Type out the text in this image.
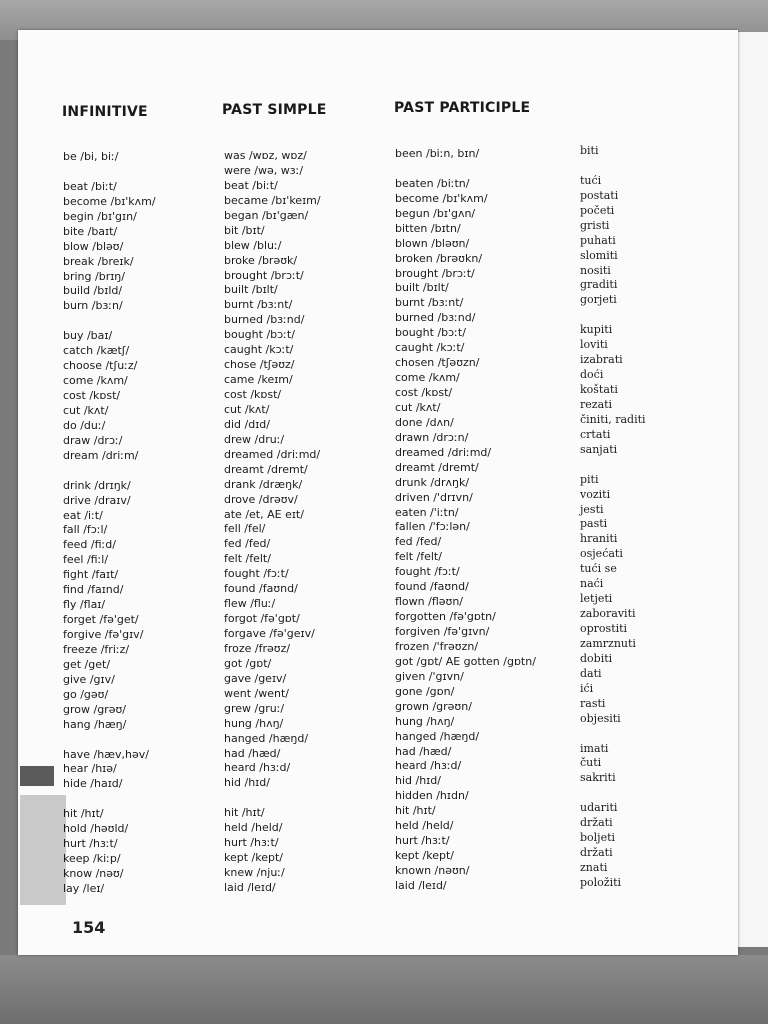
INFINITIVE	PAST SIMPLE	PAST PARTICIPLE
be /bi, biː/
beat /biːt/
become /bɪ'kʌm/
begin /bɪ'gɪn/
bite /baɪt/
blow /bləʊ/
break /breɪk/
bring /brɪŋ/
build /bɪld/
burn /bɜːn/
buy /baɪ/
catch /kætʃ/
choose /tʃuːz/
come /kʌm/
cost /kɒst/
cut /kʌt/
do /duː/
draw /drɔː/
dream /driːm/
drink /drɪŋk/
drive /draɪv/
eat /iːt/
fall /fɔːl/
feed /fiːd/
feel /fiːl/
fight /faɪt/
find /faɪnd/
fly /flaɪ/
forget /fə'get/
forgive /fə'gɪv/
freeze /friːz/
get /get/
give /gɪv/
go /gəʊ/
grow /grəʊ/
hang /hæŋ/
have /hæv,həv/
hear /hɪə/
hide /haɪd/
hit /hɪt/
hold /həʊld/
hurt /hɜːt/
keep /kiːp/
know /nəʊ/
lay /leɪ/
was /wɒz, wɒz/
were /wə, wɜː/
beat /biːt/
became /bɪ'keɪm/
began /bɪ'gæn/
bit /bɪt/
blew /bluː/
broke /brəʊk/
brought /brɔːt/
built /bɪlt/
burnt /bɜːnt/
burned /bɜːnd/
bought /bɔːt/
caught /kɔːt/
chose /tʃəʊz/
came /keɪm/
cost /kɒst/
cut /kʌt/
did /dɪd/
drew /druː/
dreamed /driːmd/
dreamt /dremt/
drank /dræŋk/
drove /drəʊv/
ate /et, AE eɪt/
fell /fel/
fed /fed/
felt /felt/
fought /fɔːt/
found /faʊnd/
flew /fluː/
forgot /fə'gɒt/
forgave /fə'geɪv/
froze /frəʊz/
got /gɒt/
gave /geɪv/
went /went/
grew /gruː/
hung /hʌŋ/
hanged /hæŋd/
had /hæd/
heard /hɜːd/
hid /hɪd/
hit /hɪt/
held /held/
hurt /hɜːt/
kept /kept/
knew /njuː/
laid /leɪd/
been /biːn, bɪn/
beaten /biːtn/
become /bɪ'kʌm/
begun /bɪ'gʌn/
bitten /bɪtn/
blown /bləʊn/
broken /brəʊkn/
brought /brɔːt/
built /bɪlt/
burnt /bɜːnt/
burned /bɜːnd/
bought /bɔːt/
caught /kɔːt/
chosen /tʃəʊzn/
come /kʌm/
cost /kɒst/
cut /kʌt/
done /dʌn/
drawn /drɔːn/
dreamed /driːmd/
dreamt /dremt/
drunk /drʌŋk/
driven /'drɪvn/
eaten /'iːtn/
fallen /'fɔːlən/
fed /fed/
felt /felt/
fought /fɔːt/
found /faʊnd/
flown /fləʊn/
forgotten /fə'gɒtn/
forgiven /fə'gɪvn/
frozen /'frəʊzn/
got /gɒt/ AE gotten /gɒtn/
given /'gɪvn/
gone /gɒn/
grown /grəʊn/
hung /hʌŋ/
hanged /hæŋd/
had /hæd/
heard /hɜːd/
hid /hɪd/
hidden /hɪdn/
hit /hɪt/
held /held/
hurt /hɜːt/
kept /kept/
known /nəʊn/
laid /leɪd/
biti
tući
postati
početi
gristi
puhati
slomiti
nositi
graditi
gorjeti
kupiti
loviti
izabrati
doći
koštati
rezati
činiti, raditi
crtati
sanjati
piti
voziti
jesti
pasti
hraniti
osjećati
tući se
naći
letjeti
zaboraviti
oprostiti
zamrznuti
dobiti
dati
ići
rasti
objesiti
imati
čuti
sakriti
udariti
držati
boljeti
držati
znati
položiti
154
